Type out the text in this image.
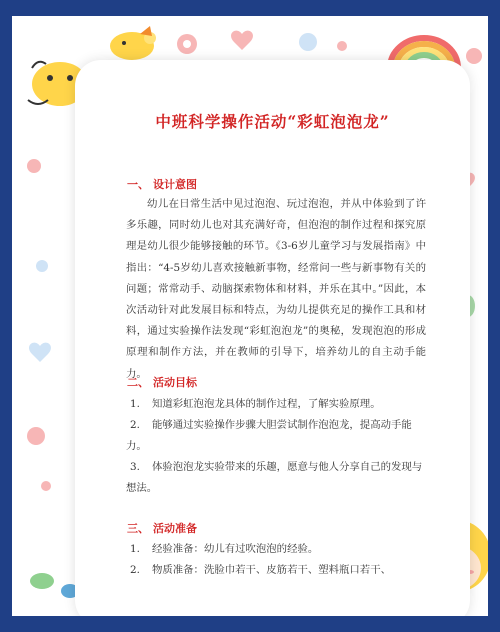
中班科学操作活动“彩虹泡泡龙”
一、 设计意图

幼儿在日常生活中见过泡泡、玩过泡泡，并从中体验到了许多乐趣，同时幼儿也对其充满好奇，但泡泡的制作过程和探究原理是幼儿很少能够接触的环节。《3-6岁儿童学习与发展指南》中指出：“4-5岁幼儿喜欢接触新事物，经常问一些与新事物有关的问题；常常动手、动脑探索物体和材料，并乐在其中。”因此，本次活动针对此发展目标和特点，为幼儿提供充足的操作工具和材料，通过实验操作法发现“彩虹泡泡龙”的奥秘，发现泡泡的形成原理和制作方法，并在教师的引导下，培养幼儿的自主动手能力。

二、 活动目标

1. 知道彩虹泡泡龙具体的制作过程，了解实验原理。

2. 能够通过实验操作步骤大胆尝试制作泡泡龙，提高动手能力。

3. 体验泡泡龙实验带来的乐趣，愿意与他人分享自己的发现与想法。

三、 活动准备

1. 经验准备：幼儿有过吹泡泡的经验。

2. 物质准备：洗脸巾若干、皮筋若干、塑料瓶口若干、
